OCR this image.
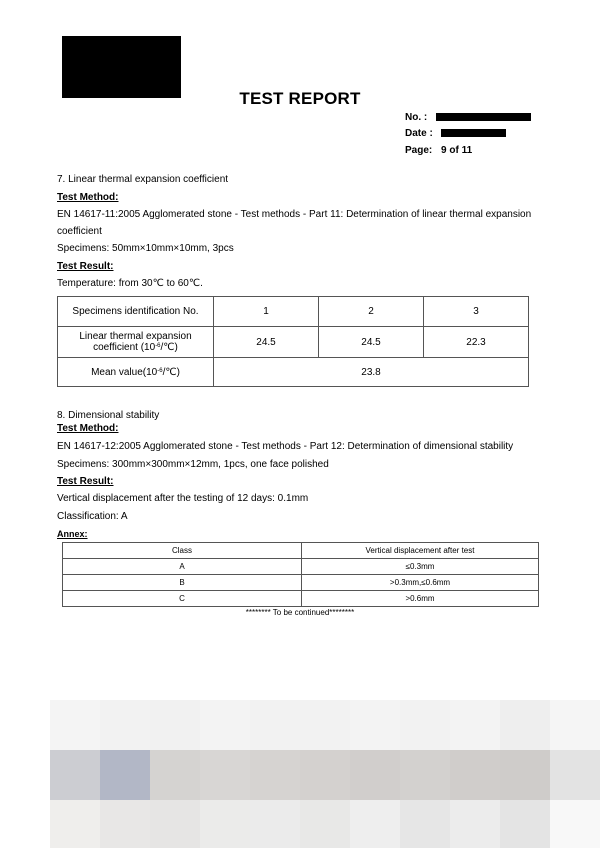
TEST REPORT
No. :
Date :
Page: 9 of 11
7. Linear thermal expansion coefficient
Test Method:
EN 14617-11:2005 Agglomerated stone - Test methods - Part 11: Determination of linear thermal expansion
coefficient
Specimens: 50mm×10mm×10mm, 3pcs
Test Result:
Temperature: from 30℃ to 60℃.
Specimens identification No.	1	2	3
Linear thermal expansion
coefficient $(10^{-6}/℃)$	24.5	24.5	22.3
Mean $value(10^{-6}/℃)$	23.8		
8. Dimensional stability
Test Method:
EN 14617-12:2005 Agglomerated stone - Test methods - Part 12: Determination of dimensional stability
Specimens: 300mm×300mm×12mm, 1pcs, one face polished
Test Result:
Vertical displacement after the testing of 12 days: 0.1mm
Classification: A
Annex:
Class	Vertical displacement after test
A	≤0.3mm
B	>0.3mm,≤0.6mm
C	>0.6mm
******** To be continued********
